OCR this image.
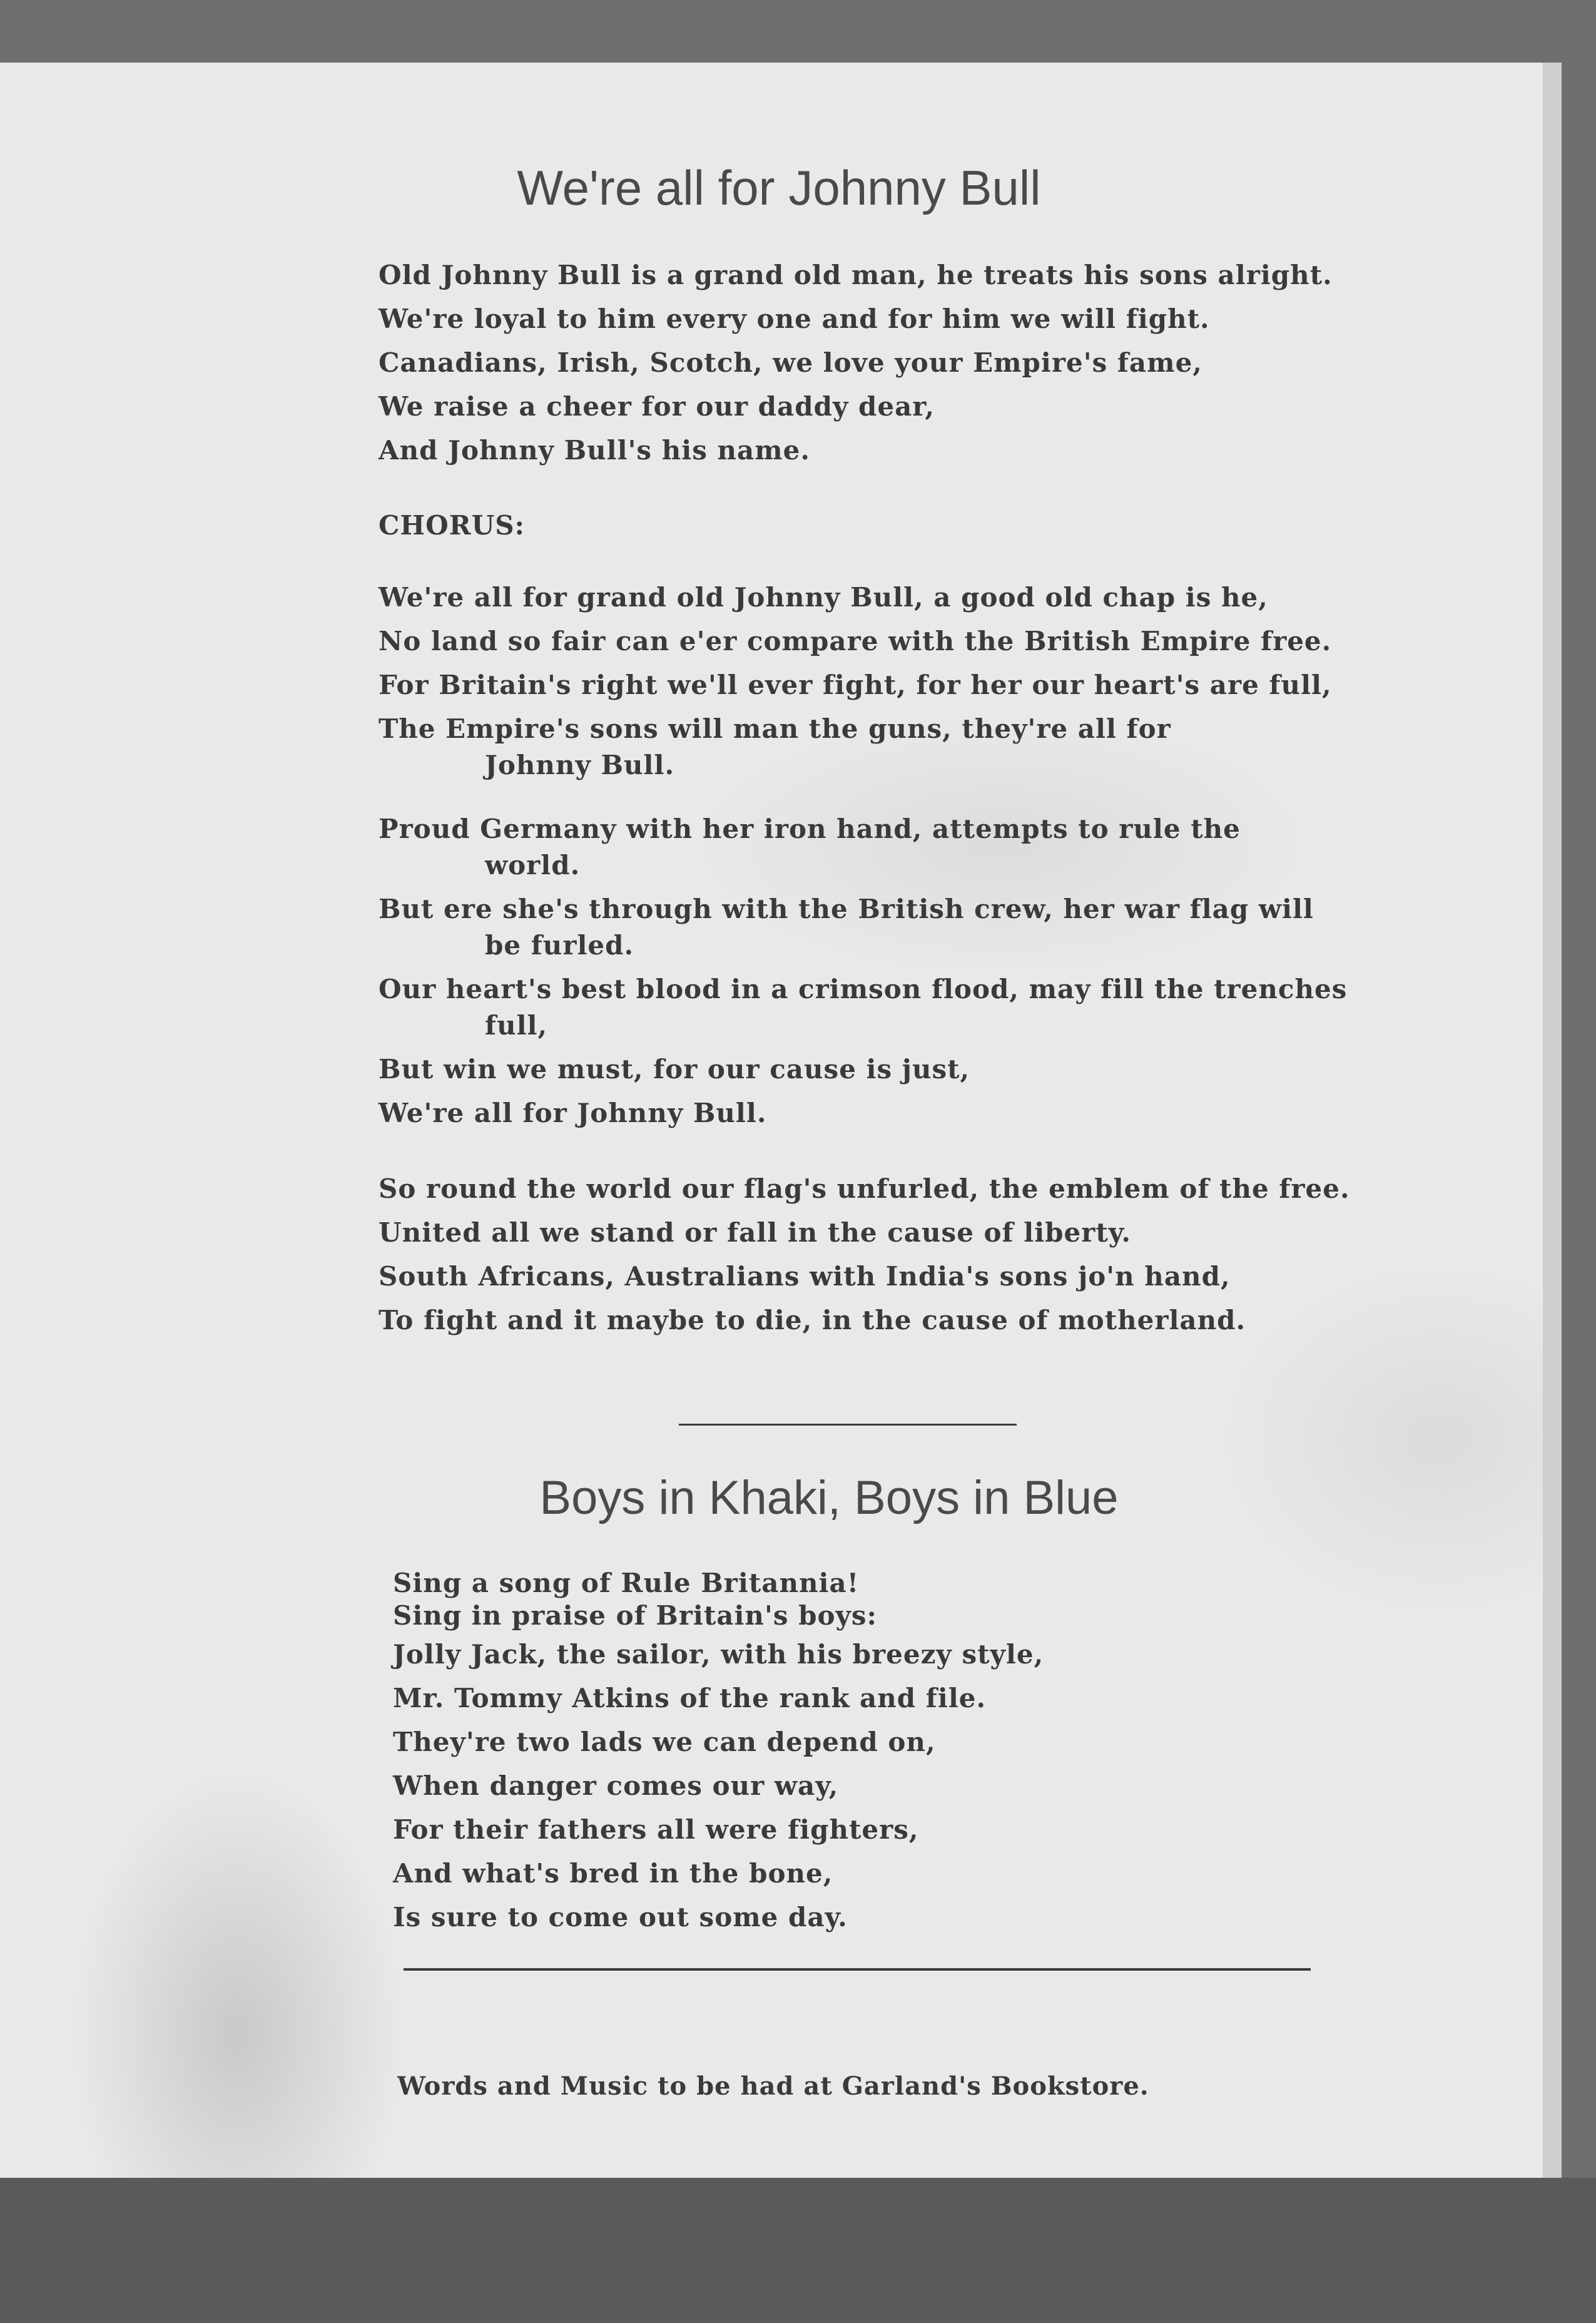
We're all for Johnny Bull
Old Johnny Bull is a grand old man, he treats his sons alright.
We're loyal to him every one and for him we will fight.
Canadians, Irish, Scotch, we love your Empire's fame,
We raise a cheer for our daddy dear,
And Johnny Bull's his name.
CHORUS:
We're all for grand old Johnny Bull, a good old chap is he,
No land so fair can e'er compare with the British Empire free.
For Britain's right we'll ever fight, for her our heart's are full,
The Empire's sons will man the guns, they're all for
Johnny Bull.
Proud Germany with her iron hand, attempts to rule the
world.
But ere she's through with the British crew, her war flag will
be furled.
Our heart's best blood in a crimson flood, may fill the trenches
full,
But win we must, for our cause is just,
We're all for Johnny Bull.
So round the world our flag's unfurled, the emblem of the free.
United all we stand or fall in the cause of liberty.
South Africans, Australians with India's sons jo'n hand,
To fight and it maybe to die, in the cause of motherland.
Boys in Khaki, Boys in Blue
Sing a song of Rule Britannia!
Sing in praise of Britain's boys:
Jolly Jack, the sailor, with his breezy style,
Mr. Tommy Atkins of the rank and file.
They're two lads we can depend on,
When danger comes our way,
For their fathers all were fighters,
And what's bred in the bone,
Is sure to come out some day.
Words and Music to be had at Garland's Bookstore.
